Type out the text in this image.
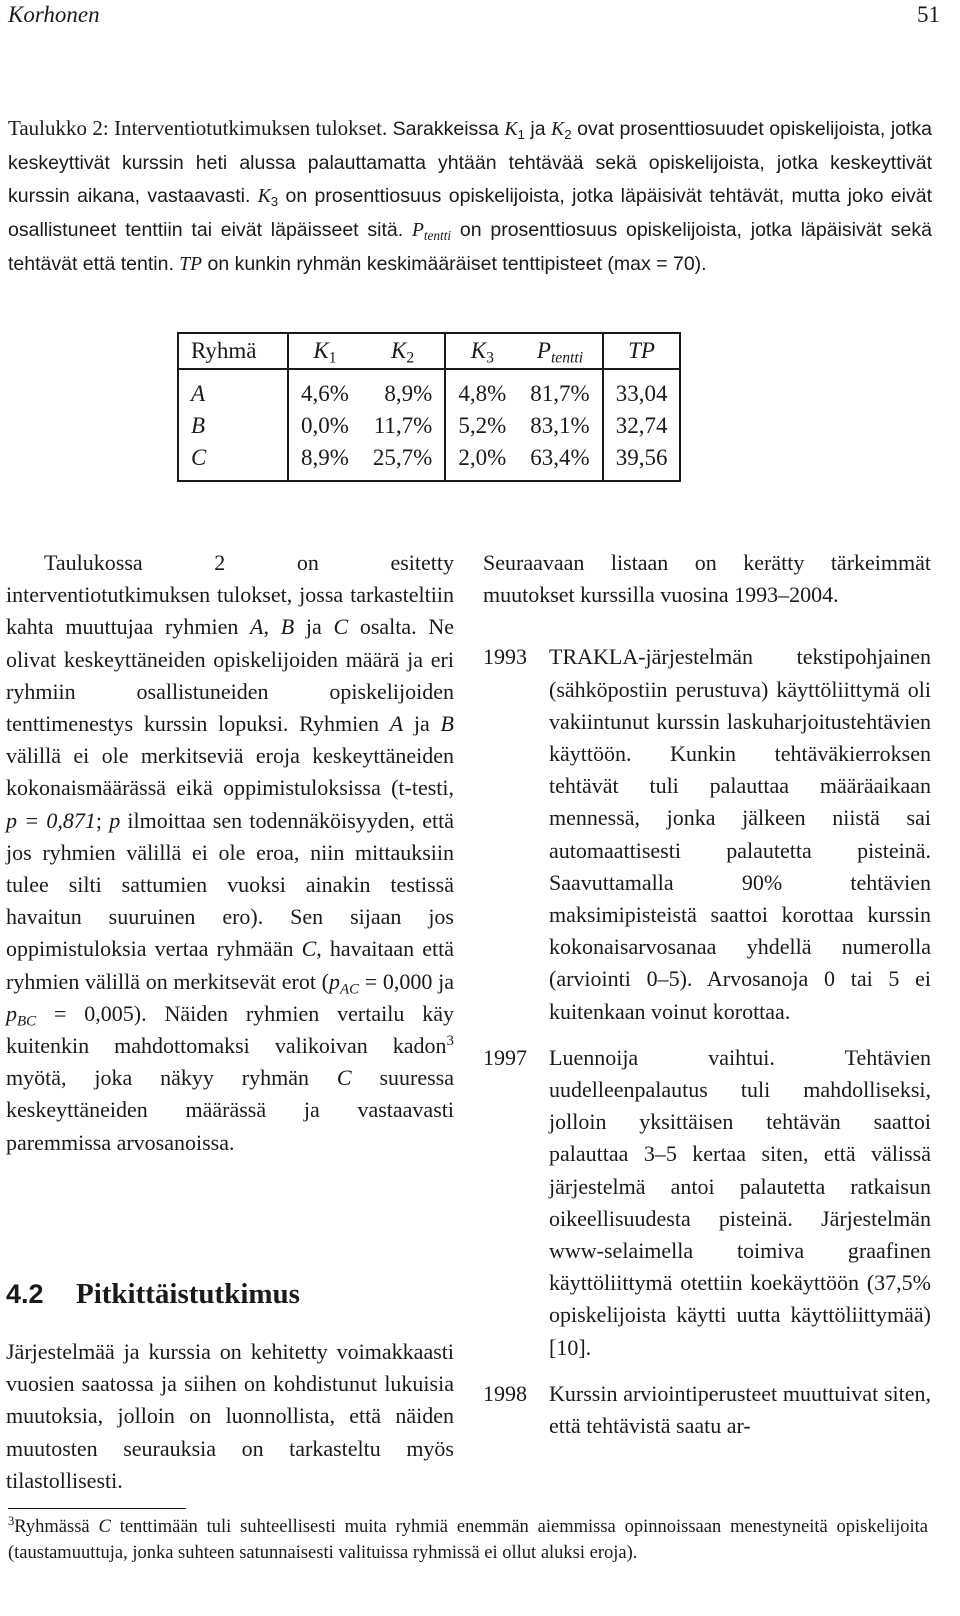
Korhonen	51
Taulukko 2: Interventiotutkimuksen tulokset. Sarakkeissa $K_1$ ja $K_2$ ovat prosenttiosuudet opiskelijoista, jotka keskeyttivät kurssin heti alussa palauttamatta yhtään tehtävää sekä opiskelijoista, jotka keskeyttivät kurssin aikana, vastaavasti. $K_3$ on prosenttiosuus opiskelijoista, jotka läpäisivät tehtävät, mutta joko eivät osallistuneet tenttiin tai eivät läpäisseet sitä. $P_{tentti}$ on prosenttiosuus opiskelijoista, jotka läpäisivät sekä tehtävät että tentin. TP on kunkin ryhmän keskimääräiset tenttipisteet (max = 70).
Ryhmä	$K_1$	$K_2$	$K_3$	$P_{tentti}$	TP
A	4,6%	8,9%	4,8%	81,7%	33,04
B	0,0%	11,7%	5,2%	83,1%	32,74
C	8,9%	25,7%	2,0%	63,4%	39,56

Taulukossa 2 on esitetty interventiotutkimuksen tulokset, jossa tarkasteltiin kahta muuttujaa ryhmien A, B ja C osalta. Ne olivat keskeyttäneiden opiskelijoiden määrä ja eri ryhmiin osallistuneiden opiskelijoiden tenttimenestys kurssin lopuksi. Ryhmien A ja B välillä ei ole merkitseviä eroja keskeyttäneiden kokonaismäärässä eikä oppimistuloksissa (t-testi, p = 0,871; p ilmoittaa sen todennäköisyyden, että jos ryhmien välillä ei ole eroa, niin mittauksiin tulee silti sattumien vuoksi ainakin testissä havaitun suuruinen ero). Sen sijaan jos oppimistuloksia vertaa ryhmään C, havaitaan että ryhmien välillä on merkitsevät erot ($p_{AC} = 0,000$ ja $p_{BC} = 0,005$). Näiden ryhmien vertailu käy kuitenkin mahdottomaksi valikoivan kadon$^3$ myötä, joka näkyy ryhmän C suuressa keskeyttäneiden määrässä ja vastaavasti paremmissa arvosanoissa.

4.2 Pitkittäistutkimus
Järjestelmää ja kurssia on kehitetty voimakkaasti vuosien saatossa ja siihen on kohdistunut lukuisia muutoksia, jolloin on luonnollista, että näiden muutosten seurauksia on tarkasteltu myös tilastollisesti.

Seuraavaan listaan on kerätty tärkeimmät muutokset kurssilla vuosina 1993–2004.

1993 TRAKLA-järjestelmän tekstipohjainen (sähköpostiin perustuva) käyttöliittymä oli vakiintunut kurssin laskuharjoitustehtävien käyttöön. Kunkin tehtäväkierroksen tehtävät tuli palauttaa määräaikaan mennessä, jonka jälkeen niistä sai automaattisesti palautetta pisteinä. Saavuttamalla 90% tehtävien maksimipisteistä saattoi korottaa kurssin kokonaisarvosanaa yhdellä numerolla (arviointi 0–5). Arvosanoja 0 tai 5 ei kuitenkaan voinut korottaa.
1997 Luennoija vaihtui. Tehtävien uudelleenpalautus tuli mahdolliseksi, jolloin yksittäisen tehtävän saattoi palauttaa 3–5 kertaa siten, että välissä järjestelmä antoi palautetta ratkaisun oikeellisuudesta pisteinä. Järjestelmän www-selaimella toimiva graafinen käyttöliittymä otettiin koekäyttöön (37,5% opiskelijoista käytti uutta käyttöliittymää) [10].
1998 Kurssin arviointiperusteet muuttuivat siten, että tehtävistä saatu ar-
$^3$Ryhmässä C tenttimään tuli suhteellisesti muita ryhmiä enemmän aiemmissa opinnoissaan menestyneitä opiskelijoita (taustamuuttuja, jonka suhteen satunnaisesti valituissa ryhmissä ei ollut aluksi eroja).
